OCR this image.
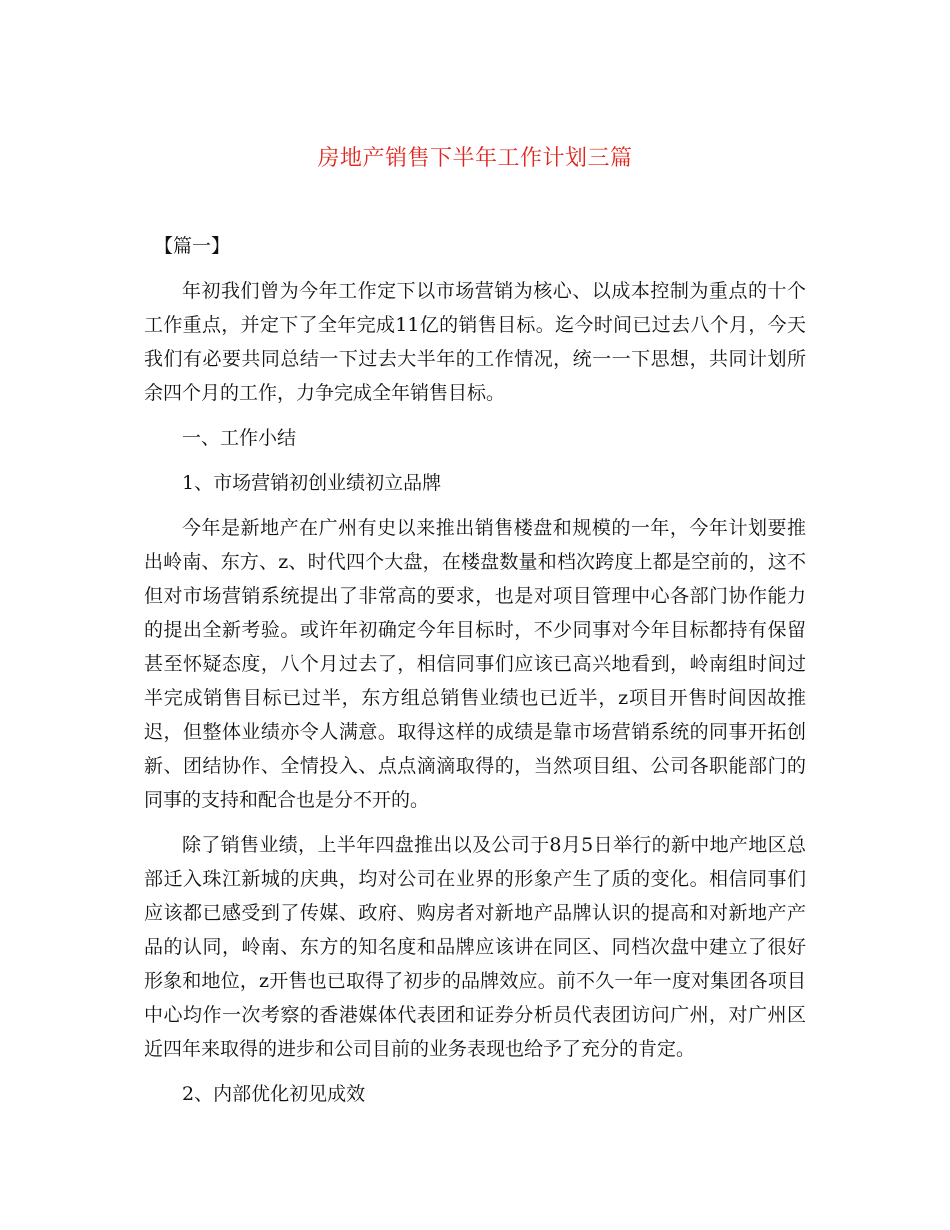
房地产销售下半年工作计划三篇

【篇一】

年初我们曾为今年工作定下以市场营销为核心、以成本控制为重点的十个工作重点，并定下了全年完成11亿的销售目标。迄今时间已过去八个月，今天我们有必要共同总结一下过去大半年的工作情况，统一一下思想，共同计划所余四个月的工作，力争完成全年销售目标。

一、工作小结

1、市场营销初创业绩初立品牌

今年是新地产在广州有史以来推出销售楼盘和规模的一年，今年计划要推出岭南、东方、z、时代四个大盘，在楼盘数量和档次跨度上都是空前的，这不但对市场营销系统提出了非常高的要求，也是对项目管理中心各部门协作能力的提出全新考验。或许年初确定今年目标时，不少同事对今年目标都持有保留甚至怀疑态度，八个月过去了，相信同事们应该已高兴地看到，岭南组时间过半完成销售目标已过半，东方组总销售业绩也已近半，z项目开售时间因故推迟，但整体业绩亦令人满意。取得这样的成绩是靠市场营销系统的同事开拓创新、团结协作、全情投入、点点滴滴取得的，当然项目组、公司各职能部门的同事的支持和配合也是分不开的。

除了销售业绩，上半年四盘推出以及公司于8月5日举行的新中地产地区总部迁入珠江新城的庆典，均对公司在业界的形象产生了质的变化。相信同事们应该都已感受到了传媒、政府、购房者对新地产品牌认识的提高和对新地产产品的认同，岭南、东方的知名度和品牌应该讲在同区、同档次盘中建立了很好形象和地位，z开售也已取得了初步的品牌效应。前不久一年一度对集团各项目中心均作一次考察的香港媒体代表团和证券分析员代表团访问广州，对广州区近四年来取得的进步和公司目前的业务表现也给予了充分的肯定。

2、内部优化初见成效
